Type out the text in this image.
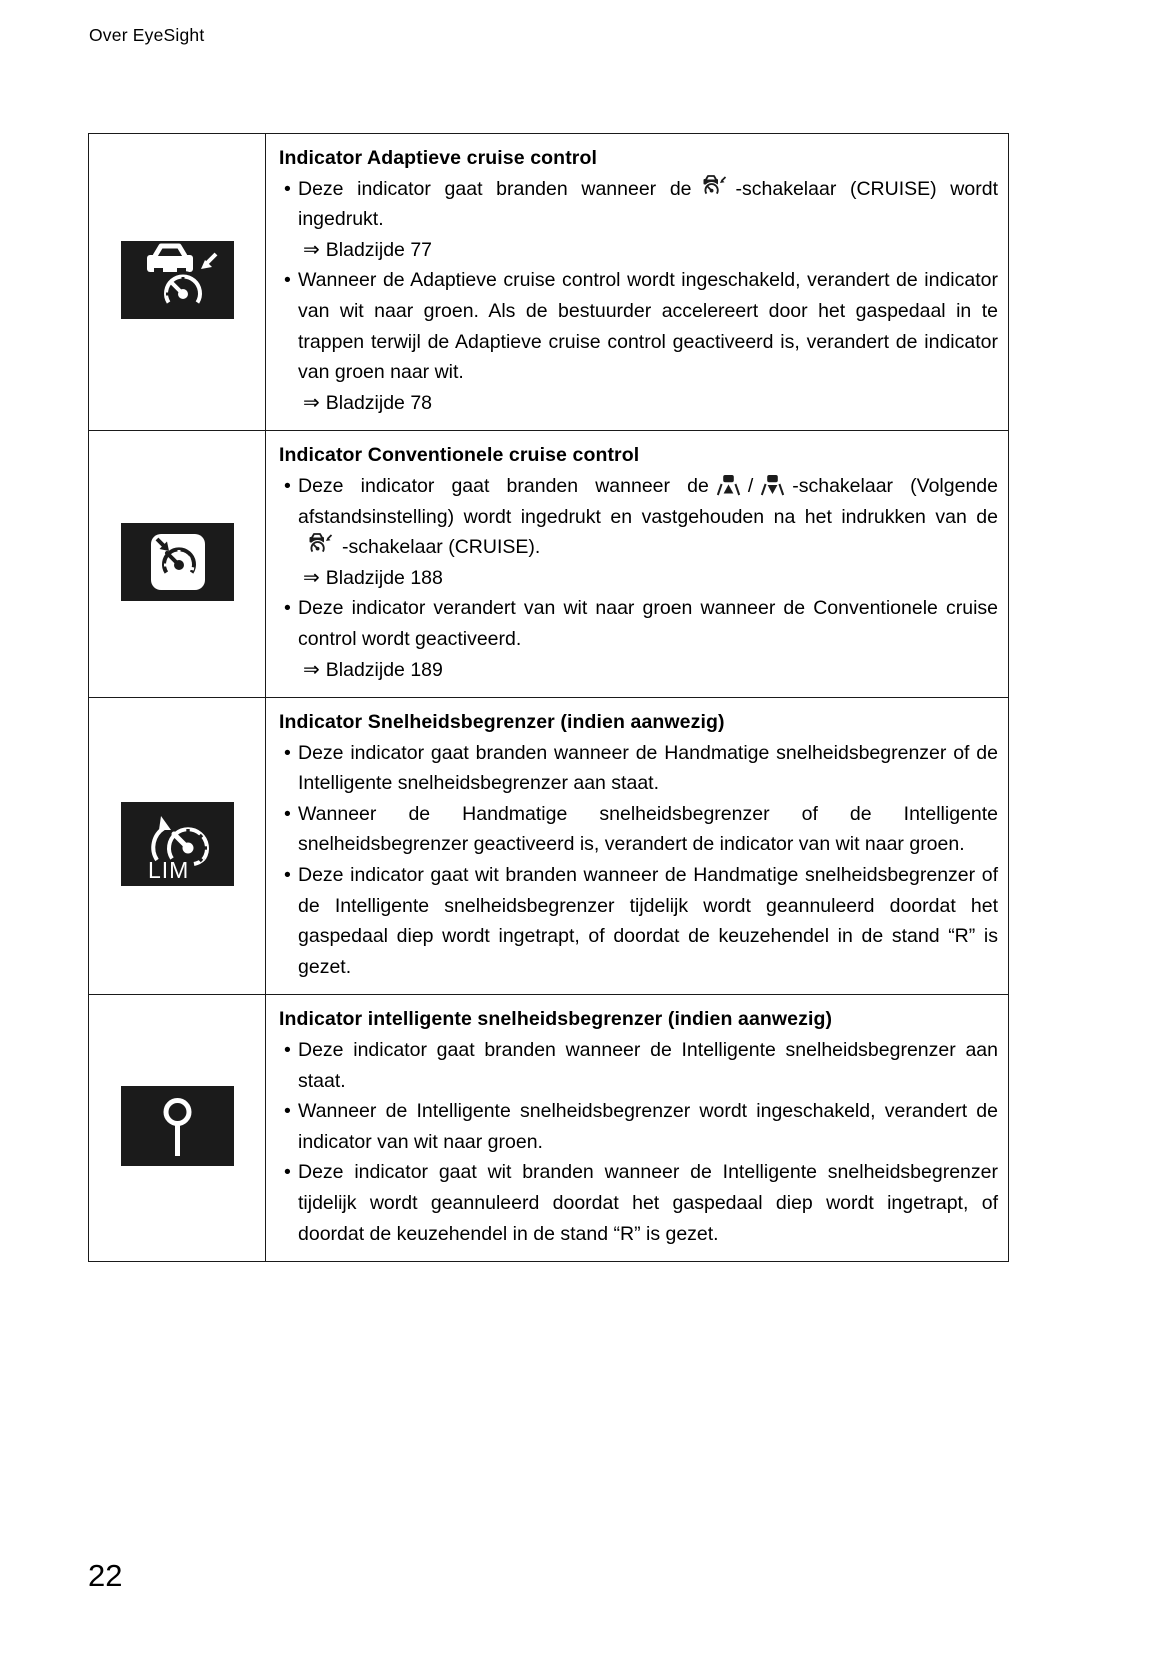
Over EyeSight
Indicator Adaptieve cruise control
• Deze indicator gaat branden wanneer de -schakelaar (CRUISE) wordt ingedrukt.
⇒ Bladzijde 77
• Wanneer de Adaptieve cruise control wordt ingeschakeld, verandert de indicator van wit naar groen. Als de bestuurder accelereert door het gaspedaal in te trappen terwijl de Adaptieve cruise control geactiveerd is, verandert de indicator van groen naar wit.
⇒ Bladzijde 78
Indicator Conventionele cruise control
• Deze indicator gaat branden wanneer de / -schakelaar (Volgende afstandsinstelling) wordt ingedrukt en vastgehouden na het indrukken van de
-schakelaar (CRUISE).
⇒ Bladzijde 188
• Deze indicator verandert van wit naar groen wanneer de Conventionele cruise control wordt geactiveerd.
⇒ Bladzijde 189
LIM
Indicator Snelheidsbegrenzer (indien aanwezig)
• Deze indicator gaat branden wanneer de Handmatige snelheidsbegrenzer of de Intelligente snelheidsbegrenzer aan staat.
• Wanneer de Handmatige snelheidsbegrenzer of de Intelligente snelheidsbegrenzer geactiveerd is, verandert de indicator van wit naar groen.
• Deze indicator gaat wit branden wanneer de Handmatige snelheidsbegrenzer of de Intelligente snelheidsbegrenzer tijdelijk wordt geannuleerd doordat het gaspedaal diep wordt ingetrapt, of doordat de keuzehendel in de stand “R” is gezet.
Indicator intelligente snelheidsbegrenzer (indien aanwezig)
• Deze indicator gaat branden wanneer de Intelligente snelheidsbegrenzer aan staat.
• Wanneer de Intelligente snelheidsbegrenzer wordt ingeschakeld, verandert de indicator van wit naar groen.
• Deze indicator gaat wit branden wanneer de Intelligente snelheidsbegrenzer tijdelijk wordt geannuleerd doordat het gaspedaal diep wordt ingetrapt, of doordat de keuzehendel in de stand “R” is gezet.
22
